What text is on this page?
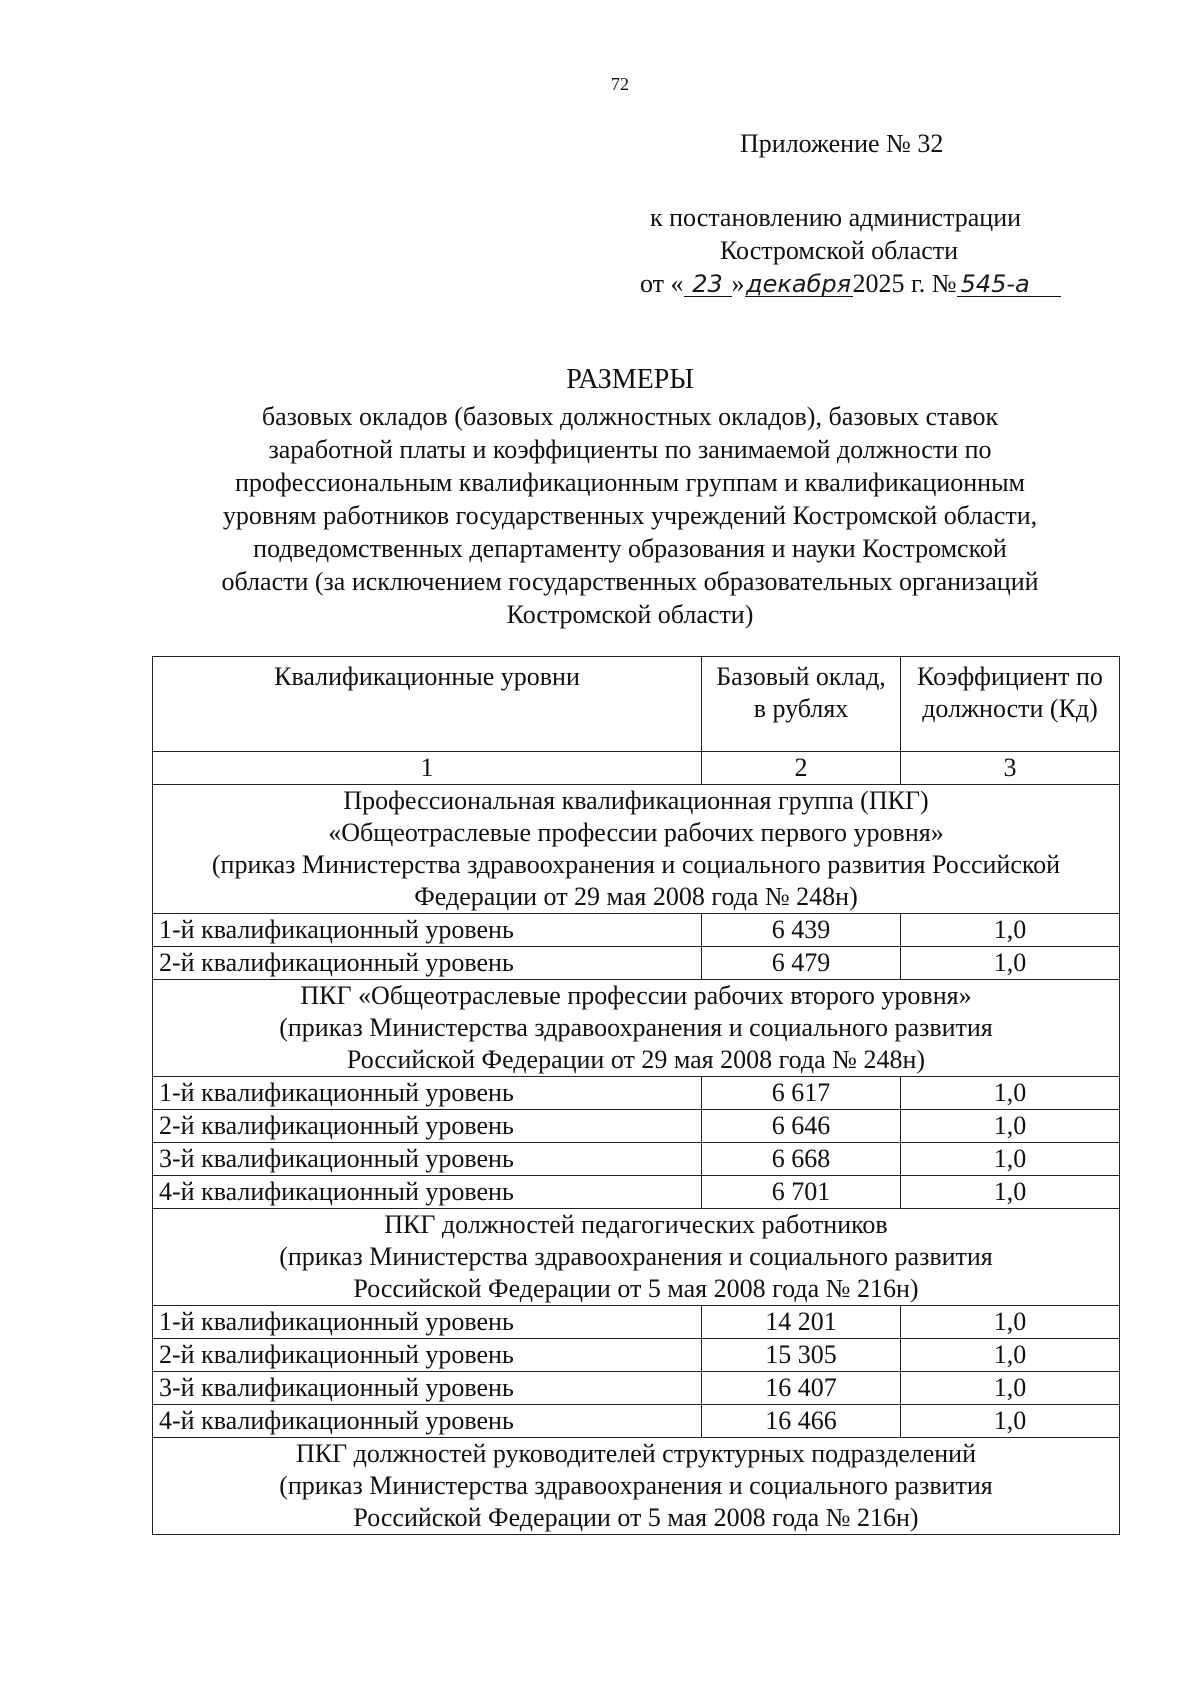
72
Приложение № 32
к постановлению администрации
Костромской области
от « 23 »декабря2025 г. № 545-а
РАЗМЕРЫ
базовых окладов (базовых должностных окладов), базовых ставок
заработной платы и коэффициенты по занимаемой должности по
профессиональным квалификационным группам и квалификационным
уровням работников государственных учреждений Костромской области,
подведомственных департаменту образования и науки Костромской
области (за исключением государственных образовательных организаций
Костромской области)
Квалификационные уровни	Базовый оклад, в рублях	Коэффициент по должности (Кд)
1	2	3

Профессиональная квалификационная группа (ПКГ)
«Общеотраслевые профессии рабочих первого уровня»
(приказ Министерства здравоохранения и социального развития Российской
Федерации от 29 мая 2008 года № 248н)		

1-й квалификационный уровень	6 439	1,0
2-й квалификационный уровень	6 479	1,0

ПКГ «Общеотраслевые профессии рабочих второго уровня»
(приказ Министерства здравоохранения и социального развития
Российской Федерации от 29 мая 2008 года № 248н)		

1-й квалификационный уровень	6 617	1,0
2-й квалификационный уровень	6 646	1,0
3-й квалификационный уровень	6 668	1,0
4-й квалификационный уровень	6 701	1,0

ПКГ должностей педагогических работников
(приказ Министерства здравоохранения и социального развития
Российской Федерации от 5 мая 2008 года № 216н)		

1-й квалификационный уровень	14 201	1,0
2-й квалификационный уровень	15 305	1,0
3-й квалификационный уровень	16 407	1,0
4-й квалификационный уровень	16 466	1,0

ПКГ должностей руководителей структурных подразделений
(приказ Министерства здравоохранения и социального развития
Российской Федерации от 5 мая 2008 года № 216н)		
